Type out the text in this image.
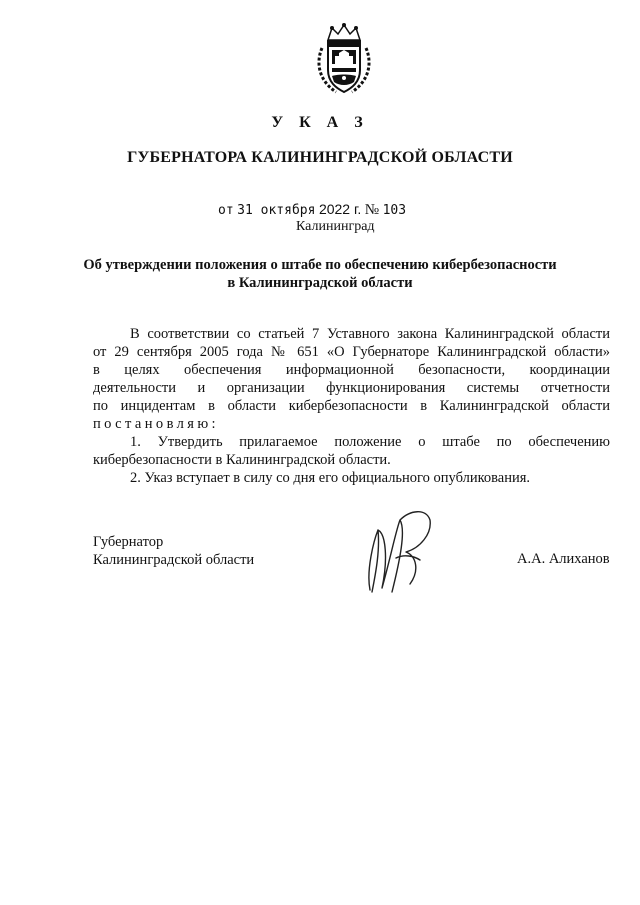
У К А З
ГУБЕРНАТОРА КАЛИНИНГРАДСКОЙ ОБЛАСТИ
от 31 октября 2022 г. № 103
Калининград
Об утверждении положения о штабе по обеспечению кибербезопасности
в Калининградской области
В соответствии со статьей 7 Уставного закона Калининградской области
от 29 сентября 2005 года № 651 «О Губернаторе Калининградской области»
в целях обеспечения информационной безопасности, координации
деятельности и организации функционирования системы отчетности
по инцидентам в области кибербезопасности в Калининградской области
постановляю:
1. Утвердить прилагаемое положение о штабе по обеспечению
кибербезопасности в Калининградской области.
2. Указ вступает в силу со дня его официального опубликования.
Губернатор
Калининградской области	А.А. Алиханов
